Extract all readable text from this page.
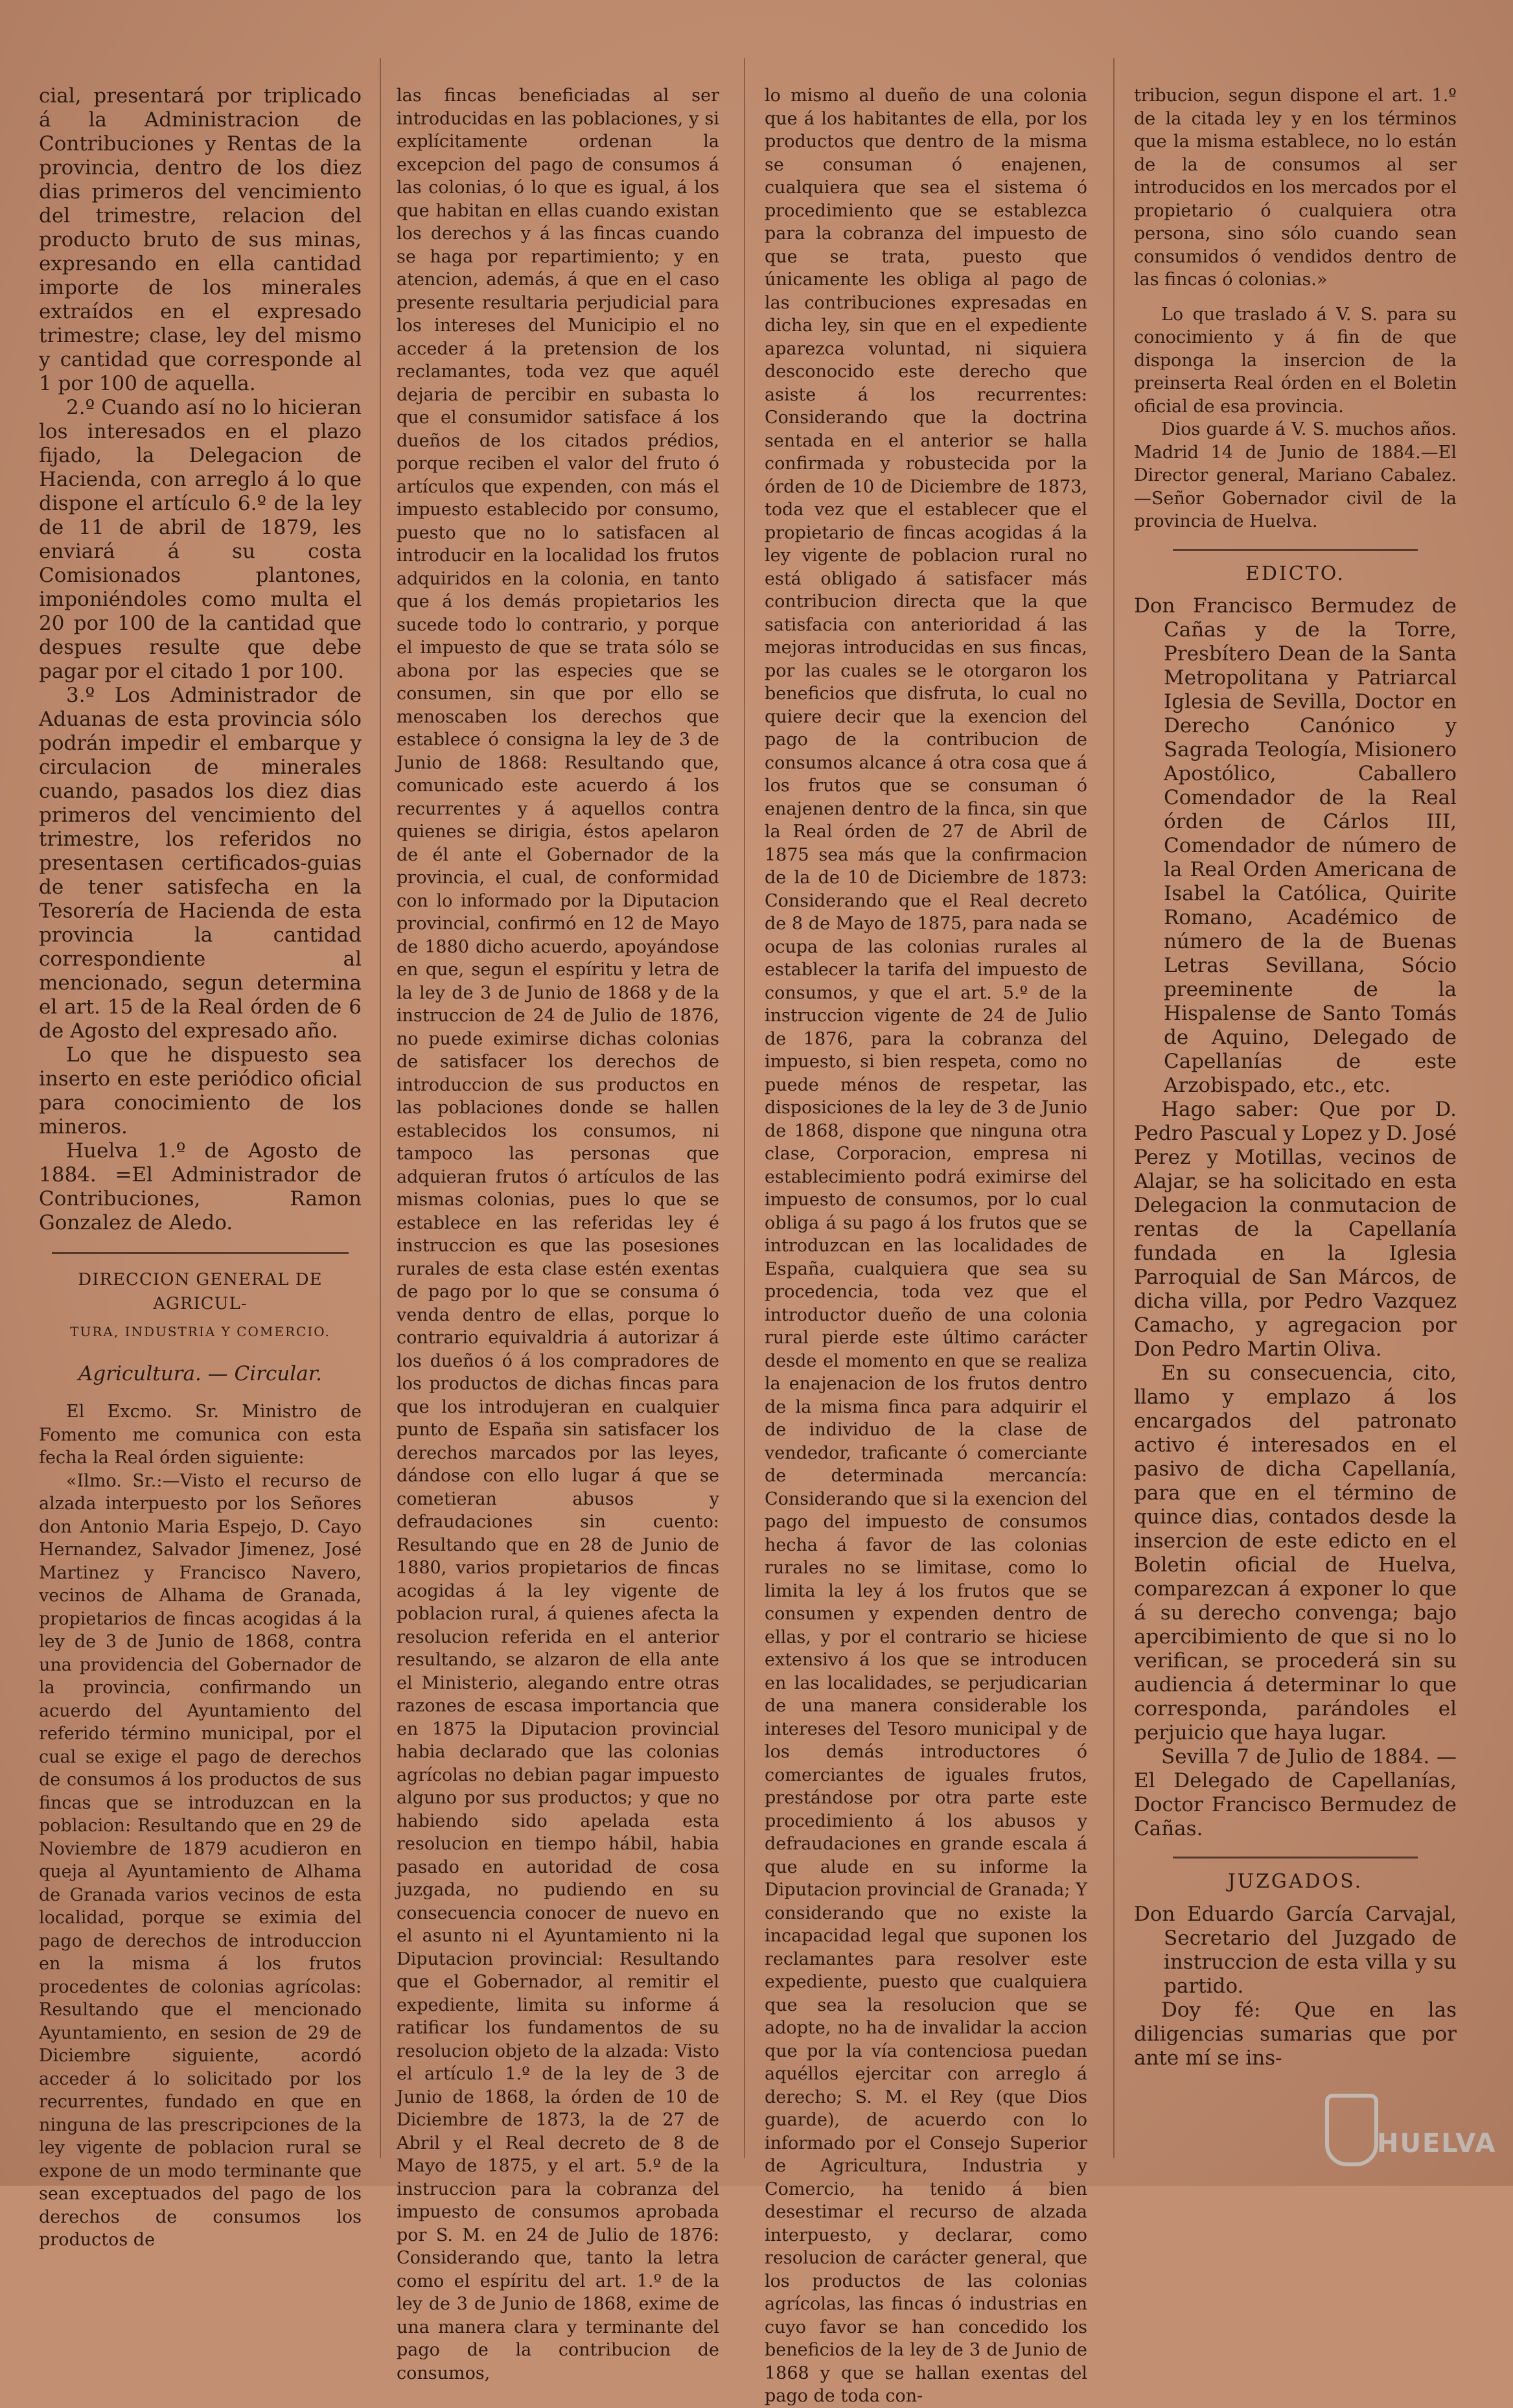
cial, presentará por triplicado á la Administracion de Contribuciones y Rentas de la provincia, dentro de los diez dias primeros del vencimiento del trimestre, relacion del producto bruto de sus minas, expresando en ella cantidad importe de los minerales extraídos en el expresado trimestre; clase, ley del mismo y cantidad que corresponde al 1 por 100 de aquella.

2.º Cuando así no lo hicieran los interesados en el plazo fijado, la Delegacion de Hacienda, con arreglo á lo que dispone el artículo 6.º de la ley de 11 de abril de 1879, les enviará á su costa Comisionados plantones, imponiéndoles como multa el 20 por 100 de la cantidad que despues resulte que debe pagar por el citado 1 por 100.

3.º Los Administrador de Aduanas de esta provincia sólo podrán impedir el embarque y circulacion de minerales cuando, pasados los diez dias primeros del vencimiento del trimestre, los referidos no presentasen certificados-guias de tener satisfecha en la Tesorería de Hacienda de esta provincia la cantidad correspondiente al mencionado, segun determina el art. 15 de la Real órden de 6 de Agosto del expresado año.

Lo que he dispuesto sea inserto en este periódico oficial para conocimiento de los mineros.

Huelva 1.º de Agosto de 1884. =El Administrador de Contribuciones, Ramon Gonzalez de Aledo.

DIRECCION GENERAL DE AGRICUL-
TURA, INDUSTRIA Y COMERCIO.
Agricultura. — Circular.

El Excmo. Sr. Ministro de Fomento me comunica con esta fecha la Real órden siguiente:

«Ilmo. Sr.:—Visto el recurso de alzada interpuesto por los Señores don Antonio Maria Espejo, D. Cayo Hernandez, Salvador Jimenez, José Martinez y Francisco Navero, vecinos de Alhama de Granada, propietarios de fincas acogidas á la ley de 3 de Junio de 1868, contra una providencia del Gobernador de la provincia, confirmando un acuerdo del Ayuntamiento del referido término municipal, por el cual se exige el pago de derechos de consumos á los productos de sus fincas que se introduzcan en la poblacion: Resultando que en 29 de Noviembre de 1879 acudieron en queja al Ayuntamiento de Alhama de Granada varios vecinos de esta localidad, porque se eximia del pago de derechos de introduccion en la misma á los frutos procedentes de colonias agrícolas: Resultando que el mencionado Ayuntamiento, en sesion de 29 de Diciembre siguiente, acordó acceder á lo solicitado por los recurrentes, fundado en que en ninguna de las prescripciones de la ley vigente de poblacion rural se expone de un modo terminante que sean exceptuados del pago de los derechos de consumos los productos de

las fincas beneficiadas al ser introducidas en las poblaciones, y si explícitamente ordenan la excepcion del pago de consumos á las colonias, ó lo que es igual, á los que habitan en ellas cuando existan los derechos y á las fincas cuando se haga por repartimiento; y en atencion, además, á que en el caso presente resultaria perjudicial para los intereses del Municipio el no acceder á la pretension de los reclamantes, toda vez que aquél dejaria de percibir en subasta lo que el consumidor satisface á los dueños de los citados prédios, porque reciben el valor del fruto ó artículos que expenden, con más el impuesto establecido por consumo, puesto que no lo satisfacen al introducir en la localidad los frutos adquiridos en la colonia, en tanto que á los demás propietarios les sucede todo lo contrario, y porque el impuesto de que se trata sólo se abona por las especies que se consumen, sin que por ello se menoscaben los derechos que establece ó consigna la ley de 3 de Junio de 1868: Resultando que, comunicado este acuerdo á los recurrentes y á aquellos contra quienes se dirigia, éstos apelaron de él ante el Gobernador de la provincia, el cual, de conformidad con lo informado por la Diputacion provincial, confirmó en 12 de Mayo de 1880 dicho acuerdo, apoyándose en que, segun el espíritu y letra de la ley de 3 de Junio de 1868 y de la instruccion de 24 de Julio de 1876, no puede eximirse dichas colonias de satisfacer los derechos de introduccion de sus productos en las poblaciones donde se hallen establecidos los consumos, ni tampoco las personas que adquieran frutos ó artículos de las mismas colonias, pues lo que se establece en las referidas ley é instruccion es que las posesiones rurales de esta clase estén exentas de pago por lo que se consuma ó venda dentro de ellas, porque lo contrario equivaldria á autorizar á los dueños ó á los compradores de los productos de dichas fincas para que los introdujeran en cualquier punto de España sin satisfacer los derechos marcados por las leyes, dándose con ello lugar á que se cometieran abusos y defraudaciones sin cuento: Resultando que en 28 de Junio de 1880, varios propietarios de fincas acogidas á la ley vigente de poblacion rural, á quienes afecta la resolucion referida en el anterior resultando, se alzaron de ella ante el Ministerio, alegando entre otras razones de escasa importancia que en 1875 la Diputacion provincial habia declarado que las colonias agrícolas no debian pagar impuesto alguno por sus productos; y que no habiendo sido apelada esta resolucion en tiempo hábil, habia pasado en autoridad de cosa juzgada, no pudiendo en su consecuencia conocer de nuevo en el asunto ni el Ayuntamiento ni la Diputacion provincial: Resultando que el Gobernador, al remitir el expediente, limita su informe á ratificar los fundamentos de su resolucion objeto de la alzada: Visto el artículo 1.º de la ley de 3 de Junio de 1868, la órden de 10 de Diciembre de 1873, la de 27 de Abril y el Real decreto de 8 de Mayo de 1875, y el art. 5.º de la instruccion para la cobranza del impuesto de consumos aprobada por S. M. en 24 de Julio de 1876: Considerando que, tanto la letra como el espíritu del art. 1.º de la ley de 3 de Junio de 1868, exime de una manera clara y terminante del pago de la contribucion de consumos,

lo mismo al dueño de una colonia que á los habitantes de ella, por los productos que dentro de la misma se consuman ó enajenen, cualquiera que sea el sistema ó procedimiento que se establezca para la cobranza del impuesto de que se trata, puesto que únicamente les obliga al pago de las contribuciones expresadas en dicha ley, sin que en el expediente aparezca voluntad, ni siquiera desconocido este derecho que asiste á los recurrentes: Considerando que la doctrina sentada en el anterior se halla confirmada y robustecida por la órden de 10 de Diciembre de 1873, toda vez que el establecer que el propietario de fincas acogidas á la ley vigente de poblacion rural no está obligado á satisfacer más contribucion directa que la que satisfacia con anterioridad á las mejoras introducidas en sus fincas, por las cuales se le otorgaron los beneficios que disfruta, lo cual no quiere decir que la exencion del pago de la contribucion de consumos alcance á otra cosa que á los frutos que se consuman ó enajenen dentro de la finca, sin que la Real órden de 27 de Abril de 1875 sea más que la confirmacion de la de 10 de Diciembre de 1873: Considerando que el Real decreto de 8 de Mayo de 1875, para nada se ocupa de las colonias rurales al establecer la tarifa del impuesto de consumos, y que el art. 5.º de la instruccion vigente de 24 de Julio de 1876, para la cobranza del impuesto, si bien respeta, como no puede ménos de respetar, las disposiciones de la ley de 3 de Junio de 1868, dispone que ninguna otra clase, Corporacion, empresa ni establecimiento podrá eximirse del impuesto de consumos, por lo cual obliga á su pago á los frutos que se introduzcan en las localidades de España, cualquiera que sea su procedencia, toda vez que el introductor dueño de una colonia rural pierde este último carácter desde el momento en que se realiza la enajenacion de los frutos dentro de la misma finca para adquirir el de individuo de la clase de vendedor, traficante ó comerciante de determinada mercancía: Considerando que si la exencion del pago del impuesto de consumos hecha á favor de las colonias rurales no se limitase, como lo limita la ley á los frutos que se consumen y expenden dentro de ellas, y por el contrario se hiciese extensivo á los que se introducen en las localidades, se perjudicarian de una manera considerable los intereses del Tesoro municipal y de los demás introductores ó comerciantes de iguales frutos, prestándose por otra parte este procedimiento á los abusos y defraudaciones en grande escala á que alude en su informe la Diputacion provincial de Granada; Y considerando que no existe la incapacidad legal que suponen los reclamantes para resolver este expediente, puesto que cualquiera que sea la resolucion que se adopte, no ha de invalidar la accion que por la vía contenciosa puedan aquéllos ejercitar con arreglo á derecho; S. M. el Rey (que Dios guarde), de acuerdo con lo informado por el Consejo Superior de Agricultura, Industria y Comercio, ha tenido á bien desestimar el recurso de alzada interpuesto, y declarar, como resolucion de carácter general, que los productos de las colonias agrícolas, las fincas ó industrias en cuyo favor se han concedido los beneficios de la ley de 3 de Junio de 1868 y que se hallan exentas del pago de toda con-

tribucion, segun dispone el art. 1.º de la citada ley y en los términos que la misma establece, no lo están de la de consumos al ser introducidos en los mercados por el propietario ó cualquiera otra persona, sino sólo cuando sean consumidos ó vendidos dentro de las fincas ó colonias.»

Lo que traslado á V. S. para su conocimiento y á fin de que disponga la insercion de la preinserta Real órden en el Boletin oficial de esa provincia.

Dios guarde á V. S. muchos años. Madrid 14 de Junio de 1884.—El Director general, Mariano Cabalez.—Señor Gobernador civil de la provincia de Huelva.

EDICTO.

Don Francisco Bermudez de Cañas y de la Torre, Presbítero Dean de la Santa Metropolitana y Patriarcal Iglesia de Sevilla, Doctor en Derecho Canónico y Sagrada Teología, Misionero Apostólico, Caballero Comendador de la Real órden de Cárlos III, Comendador de número de la Real Orden Americana de Isabel la Católica, Quirite Romano, Académico de número de la de Buenas Letras Sevillana, Sócio preeminente de la Hispalense de Santo Tomás de Aquino, Delegado de Capellanías de este Arzobispado, etc., etc.

Hago saber: Que por D. Pedro Pascual y Lopez y D. José Perez y Motillas, vecinos de Alajar, se ha solicitado en esta Delegacion la conmutacion de rentas de la Capellanía fundada en la Iglesia Parroquial de San Márcos, de dicha villa, por Pedro Vazquez Camacho, y agregacion por Don Pedro Martin Oliva.

En su consecuencia, cito, llamo y emplazo á los encargados del patronato activo é interesados en el pasivo de dicha Capellanía, para que en el término de quince dias, contados desde la insercion de este edicto en el Boletin oficial de Huelva, comparezcan á exponer lo que á su derecho convenga; bajo apercibimiento de que si no lo verifican, se procederá sin su audiencia á determinar lo que corresponda, parándoles el perjuicio que haya lugar.

Sevilla 7 de Julio de 1884. —El Delegado de Capellanías, Doctor Francisco Bermudez de Cañas.

JUZGADOS.

Don Eduardo García Carvajal, Secretario del Juzgado de instruccion de esta villa y su partido.

Doy fé: Que en las diligencias sumarias que por ante mí se ins-

HUELVA
